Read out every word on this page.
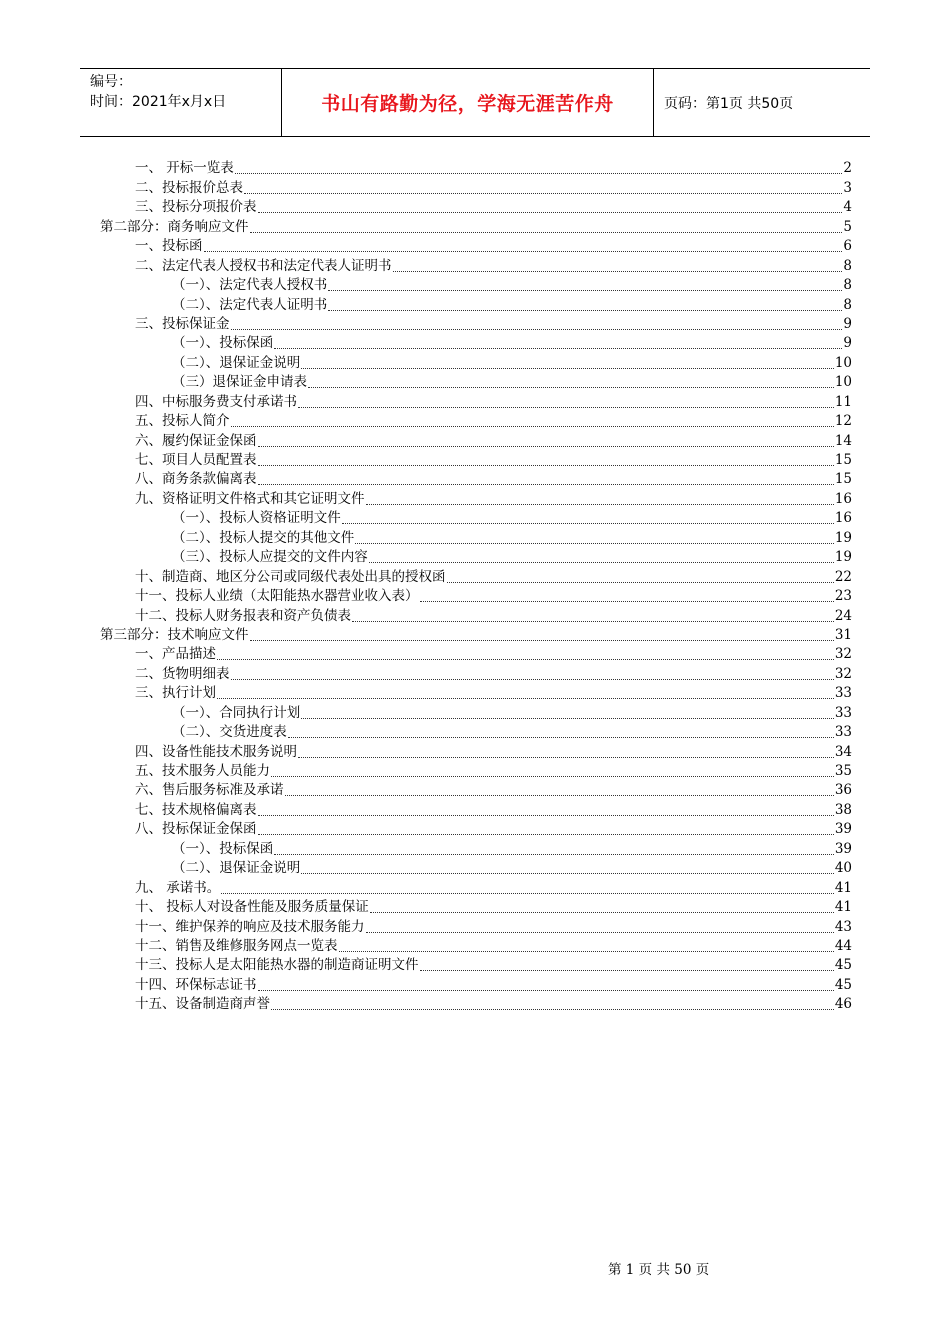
编号：
时间：2021年x月x日	书山有路勤为径，学海无涯苦作舟	页码：第1页 共50页
一、 开标一览表	2
二、投标报价总表	3
三、投标分项报价表	4
第二部分：商务响应文件	5
一、投标函	6
二、法定代表人授权书和法定代表人证明书	8
（一）、法定代表人授权书	8
（二）、法定代表人证明书	8
三、投标保证金	9
（一）、投标保函	9
（二）、退保证金说明	10
（三）退保证金申请表	10
四、中标服务费支付承诺书	11
五、投标人简介	12
六、履约保证金保函	14
七、项目人员配置表	15
八、商务条款偏离表	15
九、资格证明文件格式和其它证明文件	16
（一）、投标人资格证明文件	16
（二）、投标人提交的其他文件	19
（三）、投标人应提交的文件内容	19
十、制造商、地区分公司或同级代表处出具的授权函	22
十一、投标人业绩（太阳能热水器营业收入表）	23
十二、投标人财务报表和资产负债表	24
第三部分：技术响应文件	31
一、产品描述	32
二、货物明细表	32
三、执行计划	33
（一）、合同执行计划	33
（二）、交货进度表	33
四、设备性能技术服务说明	34
五、技术服务人员能力	35
六、售后服务标准及承诺	36
七、技术规格偏离表	38
八、投标保证金保函	39
（一）、投标保函	39
（二）、退保证金说明	40
九、 承诺书。	41
十、 投标人对设备性能及服务质量保证	41
十一、维护保养的响应及技术服务能力	43
十二、销售及维修服务网点一览表	44
十三、投标人是太阳能热水器的制造商证明文件	45
十四、环保标志证书	45
十五、设备制造商声誉	46
第 1 页 共 50 页
